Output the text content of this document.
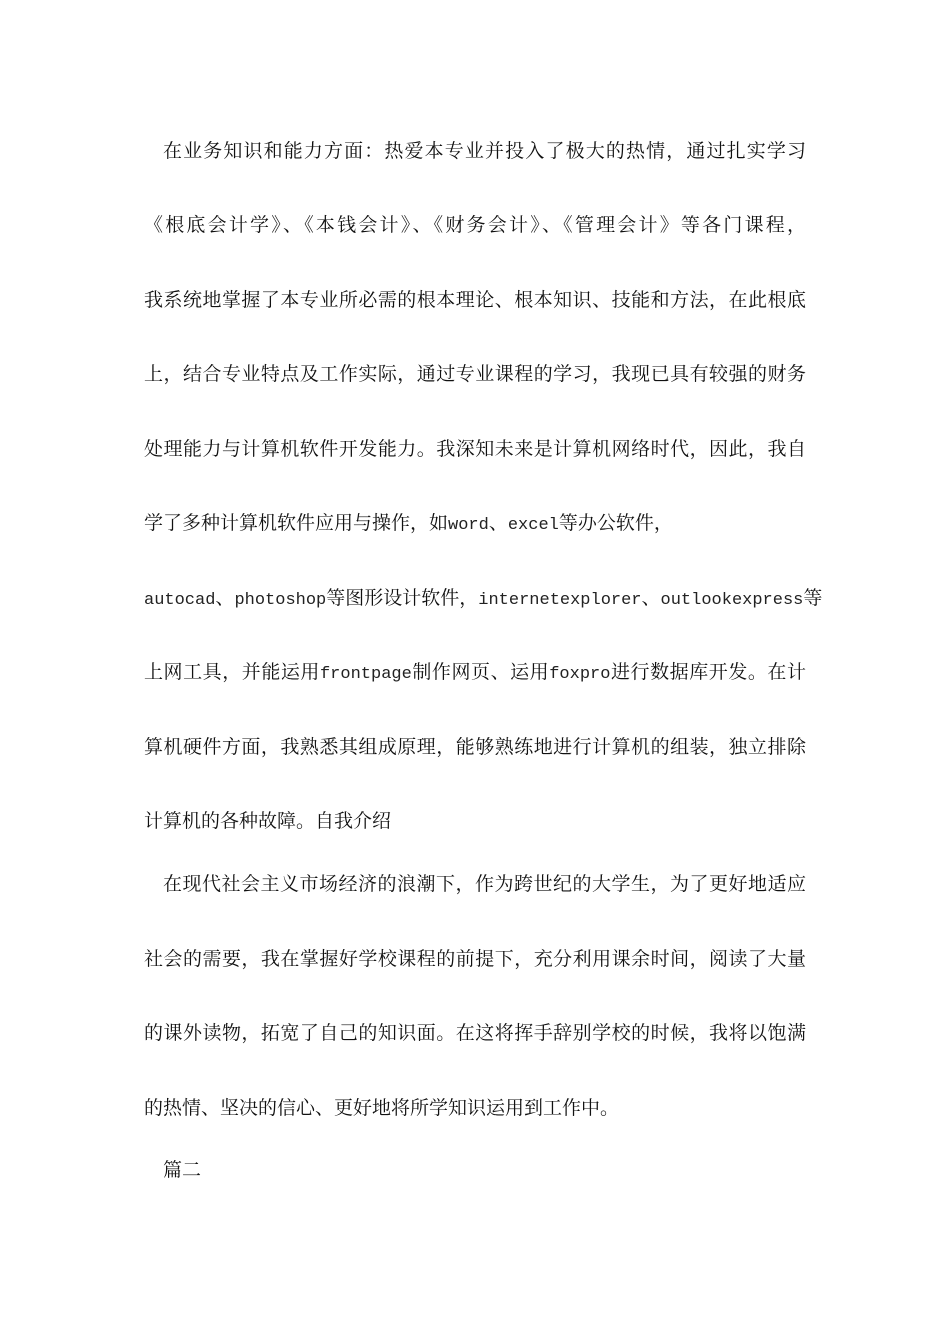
在业务知识和能力方面：热爱本专业并投入了极大的热情，通过扎实学习
《根底会计学》、《本钱会计》、《财务会计》、《管理会计》等各门课程，
我系统地掌握了本专业所必需的根本理论、根本知识、技能和方法，在此根底
上，结合专业特点及工作实际，通过专业课程的学习，我现已具有较强的财务
处理能力与计算机软件开发能力。我深知未来是计算机网络时代，因此，我自
学了多种计算机软件应用与操作，如word、excel等办公软件，
autocad、photoshop等图形设计软件，internetexplorer、outlookexpress等
上网工具，并能运用frontpage制作网页、运用foxpro进行数据库开发。在计
算机硬件方面，我熟悉其组成原理，能够熟练地进行计算机的组装，独立排除
计算机的各种故障。自我介绍
在现代社会主义市场经济的浪潮下，作为跨世纪的大学生，为了更好地适应
社会的需要，我在掌握好学校课程的前提下，充分利用课余时间，阅读了大量
的课外读物，拓宽了自己的知识面。在这将挥手辞别学校的时候，我将以饱满
的热情、坚决的信心、更好地将所学知识运用到工作中。
篇二
